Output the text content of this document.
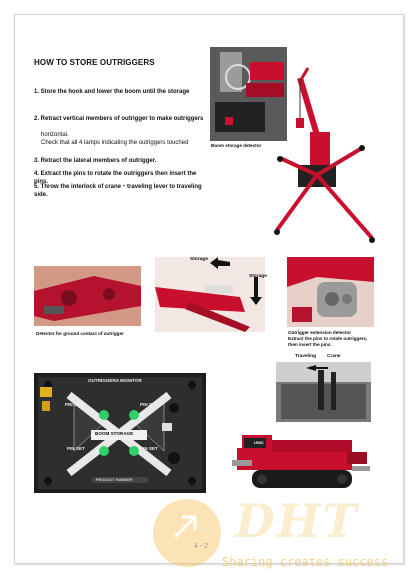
HOW TO STORE OUTRIGGERS
1. Store the hook and lower the boom until the storage
2. Retract vertical members of outrigger to make outriggers
horizontal.
Check that all 4 lamps indicating the outriggers touched
3. Retract the lateral members of outrigger.
4. Extract the pins to rotate the outriggers then insert the pins.
5. Throw the interlock of crane・traveling lever to traveling side.
Boom storage detector
Detector for ground contact of outrigger
Storage
Storage
Outrigger extension detector
Extract the pins to rotate outriggers,
then insert the pins.
OUTRIGGERS MONITOR
PIN SET	PIN SET
PIN SET	PIN SET
BOOM STORAGE
PRODUCT NUMBER
Traveling Crane
UNIC
DHT
4 - 2
Sharing creates success
